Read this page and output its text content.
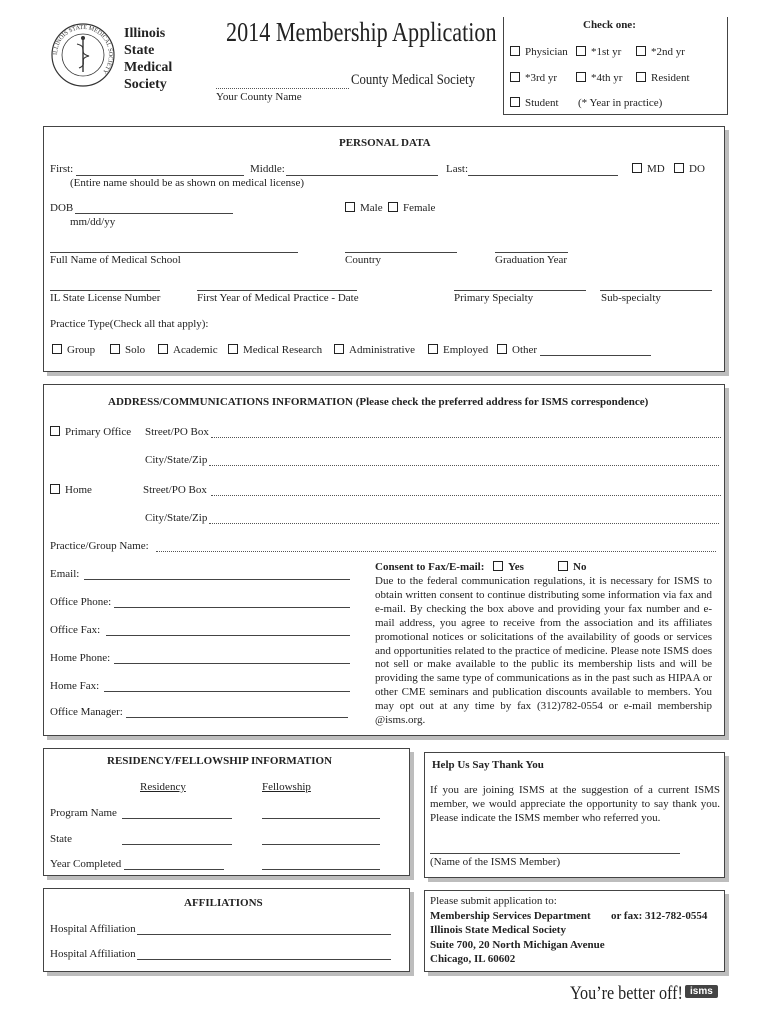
ILLINOIS STATE MEDICAL SOCIETY
Illinois
State
Medical
Society
2014 Membership Application
County Medical Society
Your County Name
Check one:
Physician	*1st yr	*2nd yr
*3rd yr	*4th yr	Resident
Student (* Year in practice)
PERSONAL DATA
First:	Middle:	Last:	MD	DO
(Entire name should be as shown on medical license)
DOB
mm/dd/yy
Male	Female
Full Name of Medical School	Country	Graduation Year
IL State License Number	First Year of Medical Practice - Date	Primary Specialty	Sub-specialty
Practice Type(Check all that apply):
Group	Solo	Academic	Medical Research	Administrative	Employed	Other
ADDRESS/COMMUNICATIONS INFORMATION (Please check the preferred address for ISMS correspondence)
Primary Office Street/PO Box
City/State/Zip
Home	Street/PO Box
City/State/Zip
Practice/Group Name:
Email:
Office Phone:
Office Fax:
Home Phone:
Home Fax:
Office Manager:
Consent to Fax/E-mail:	Yes	No
Due to the federal communication regulations, it is necessary for ISMS to obtain written consent to continue distributing some information via fax and e-mail. By checking the box above and providing your fax number and e-mail address, you agree to receive from the association and its affiliates promotional notices or solicitations of the availability of goods or services and opportunities related to the practice of medicine. Please note ISMS does not sell or make available to the public its membership lists and will be providing the same type of communications as in the past such as HIPAA or other CME seminars and publication discounts available to members. You may opt out at any time by fax (312)782-0554 or e-mail membership @isms.org.
RESIDENCY/FELLOWSHIP INFORMATION
Residency	Fellowship
Program Name
State
Year Completed
Help Us Say Thank You
If you are joining ISMS at the suggestion of a current ISMS member, we would appreciate the opportunity to say thank you. Please indicate the ISMS member who referred you.
(Name of the ISMS Member)
AFFILIATIONS
Hospital Affiliation
Hospital Affiliation
Please submit application to:
Membership Services Department or fax: 312-782-0554
Illinois State Medical Society
Suite 700, 20 North Michigan Avenue
Chicago, IL 60602
You’re better off! isms
